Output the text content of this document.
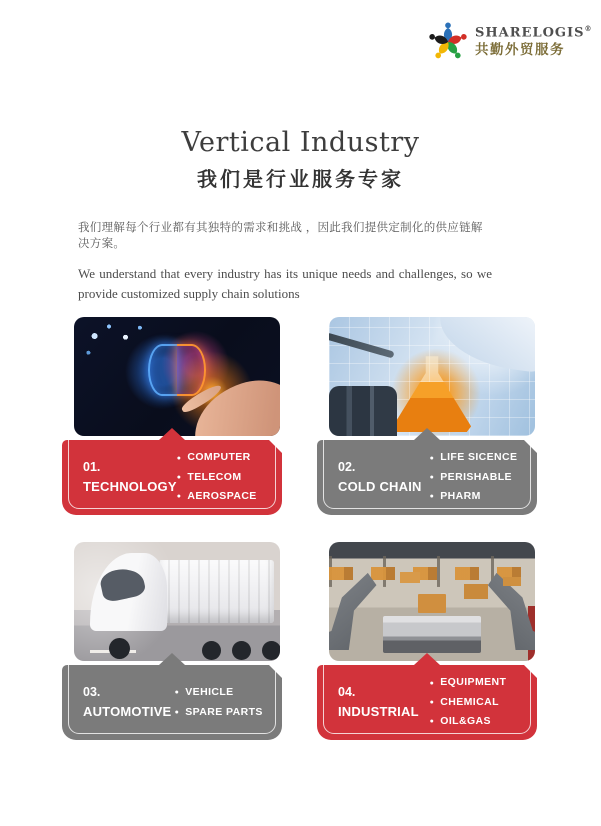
SHARELOGIS®
共勤外贸服务
Vertical Industry
我们是行业服务专家
我们理解每个行业都有其独特的需求和挑战 ，因此我们提供定制化的供应链解决方案。
We understand that every industry has its unique needs and challenges, so we provide customized supply chain solutions
01.
TECHNOLOGY
● COMPUTER
● TELECOM
● AEROSPACE
02.
COLD CHAIN
● LIFE SICENCE
● PERISHABLE
● PHARM
03.
AUTOMOTIVE
● VEHICLE
● SPARE PARTS
04.
INDUSTRIAL
● EQUIPMENT
● CHEMICAL
● OIL&GAS
